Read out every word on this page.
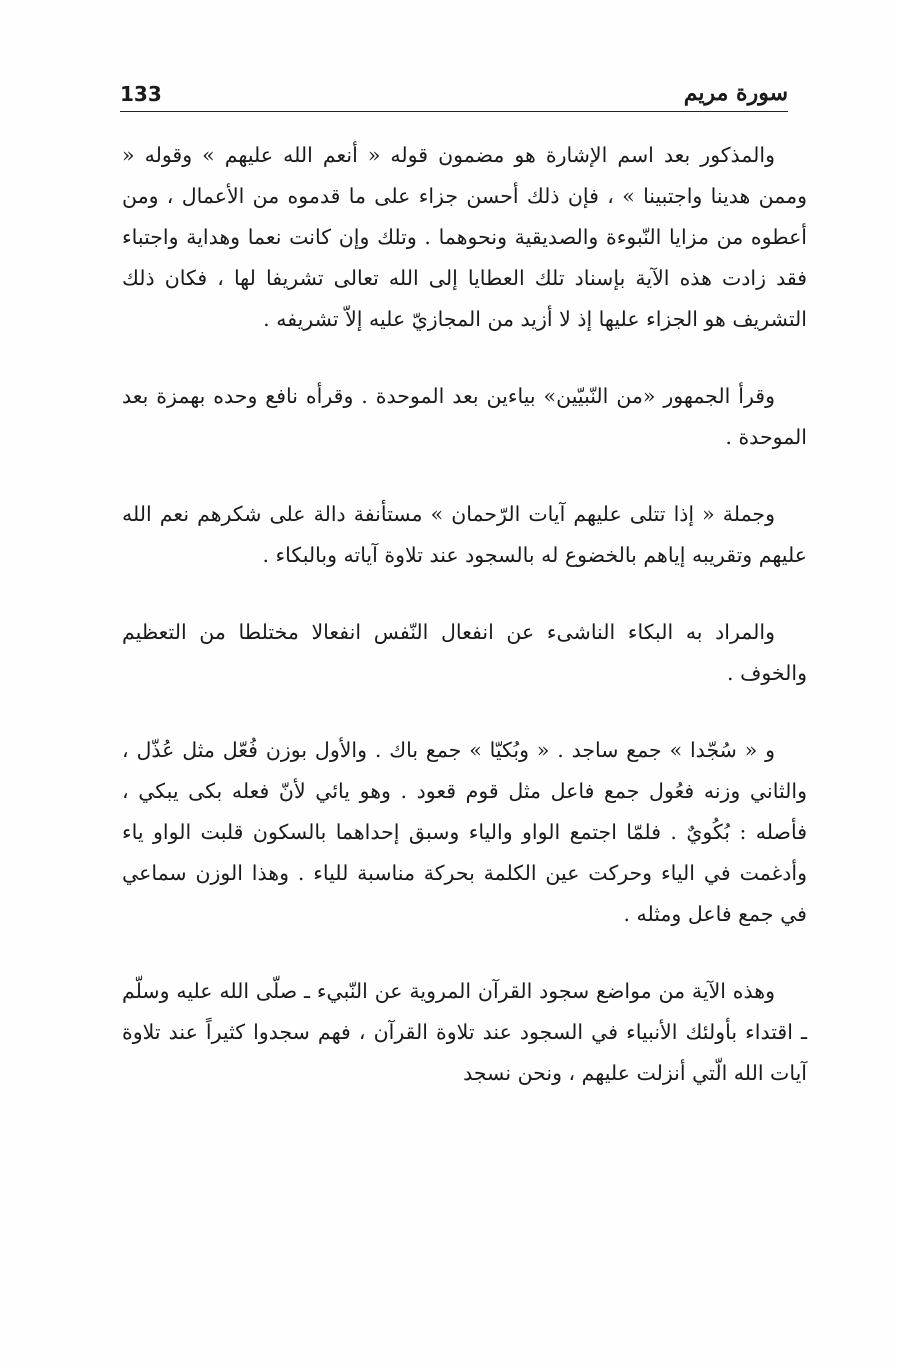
133	سورة مريم

والمذكور بعد اسم الإشارة هو مضمون قوله « أنعم الله عليهم » وقوله « وممن هدينا واجتبينا » ، فإن ذلك أحسن جزاء على ما قدموه من الأعمال ، ومن أعطوه من مزايا النّبوءة والصديقية ونحوهما . وتلك وإن كانت نعما وهداية واجتباء فقد زادت هذه الآية بإسناد تلك العطايا إلى الله تعالى تشريفا لها ، فكان ذلك التشريف هو الجزاء عليها إذ لا أزيد من المجازيّ عليه إلاّ تشريفه .

وقرأ الجمهور «من النّبيّين» بياءين بعد الموحدة . وقرأه نافع وحده بهمزة بعد الموحدة .

وجملة « إذا تتلى عليهم آيات الرّحمان » مستأنفة دالة على شكرهم نعم الله عليهم وتقريبه إياهم بالخضوع له بالسجود عند تلاوة آياته وبالبكاء .

والمراد به البكاء الناشىء عن انفعال النّفس انفعالا مختلطا من التعظيم والخوف .

و « سُجّدا » جمع ساجد . « وبُكيّا » جمع باك . والأول بوزن فُعّل مثل عُذّل ، والثاني وزنه فعُول جمع فاعل مثل قوم قعود . وهو يائي لأنّ فعله بكى يبكي ، فأصله : بُكُويٌ . فلمّا اجتمع الواو والياء وسبق إحداهما بالسكون قلبت الواو ياء وأدغمت في الياء وحركت عين الكلمة بحركة مناسبة للياء . وهذا الوزن سماعي في جمع فاعل ومثله .

وهذه الآية من مواضع سجود القرآن المروية عن النّبيء ـ صلّى الله عليه وسلّم ـ اقتداء بأولئك الأنبياء في السجود عند تلاوة القرآن ، فهم سجدوا كثيراً عند تلاوة آيات الله الّتي أنزلت عليهم ، ونحن نسجد
